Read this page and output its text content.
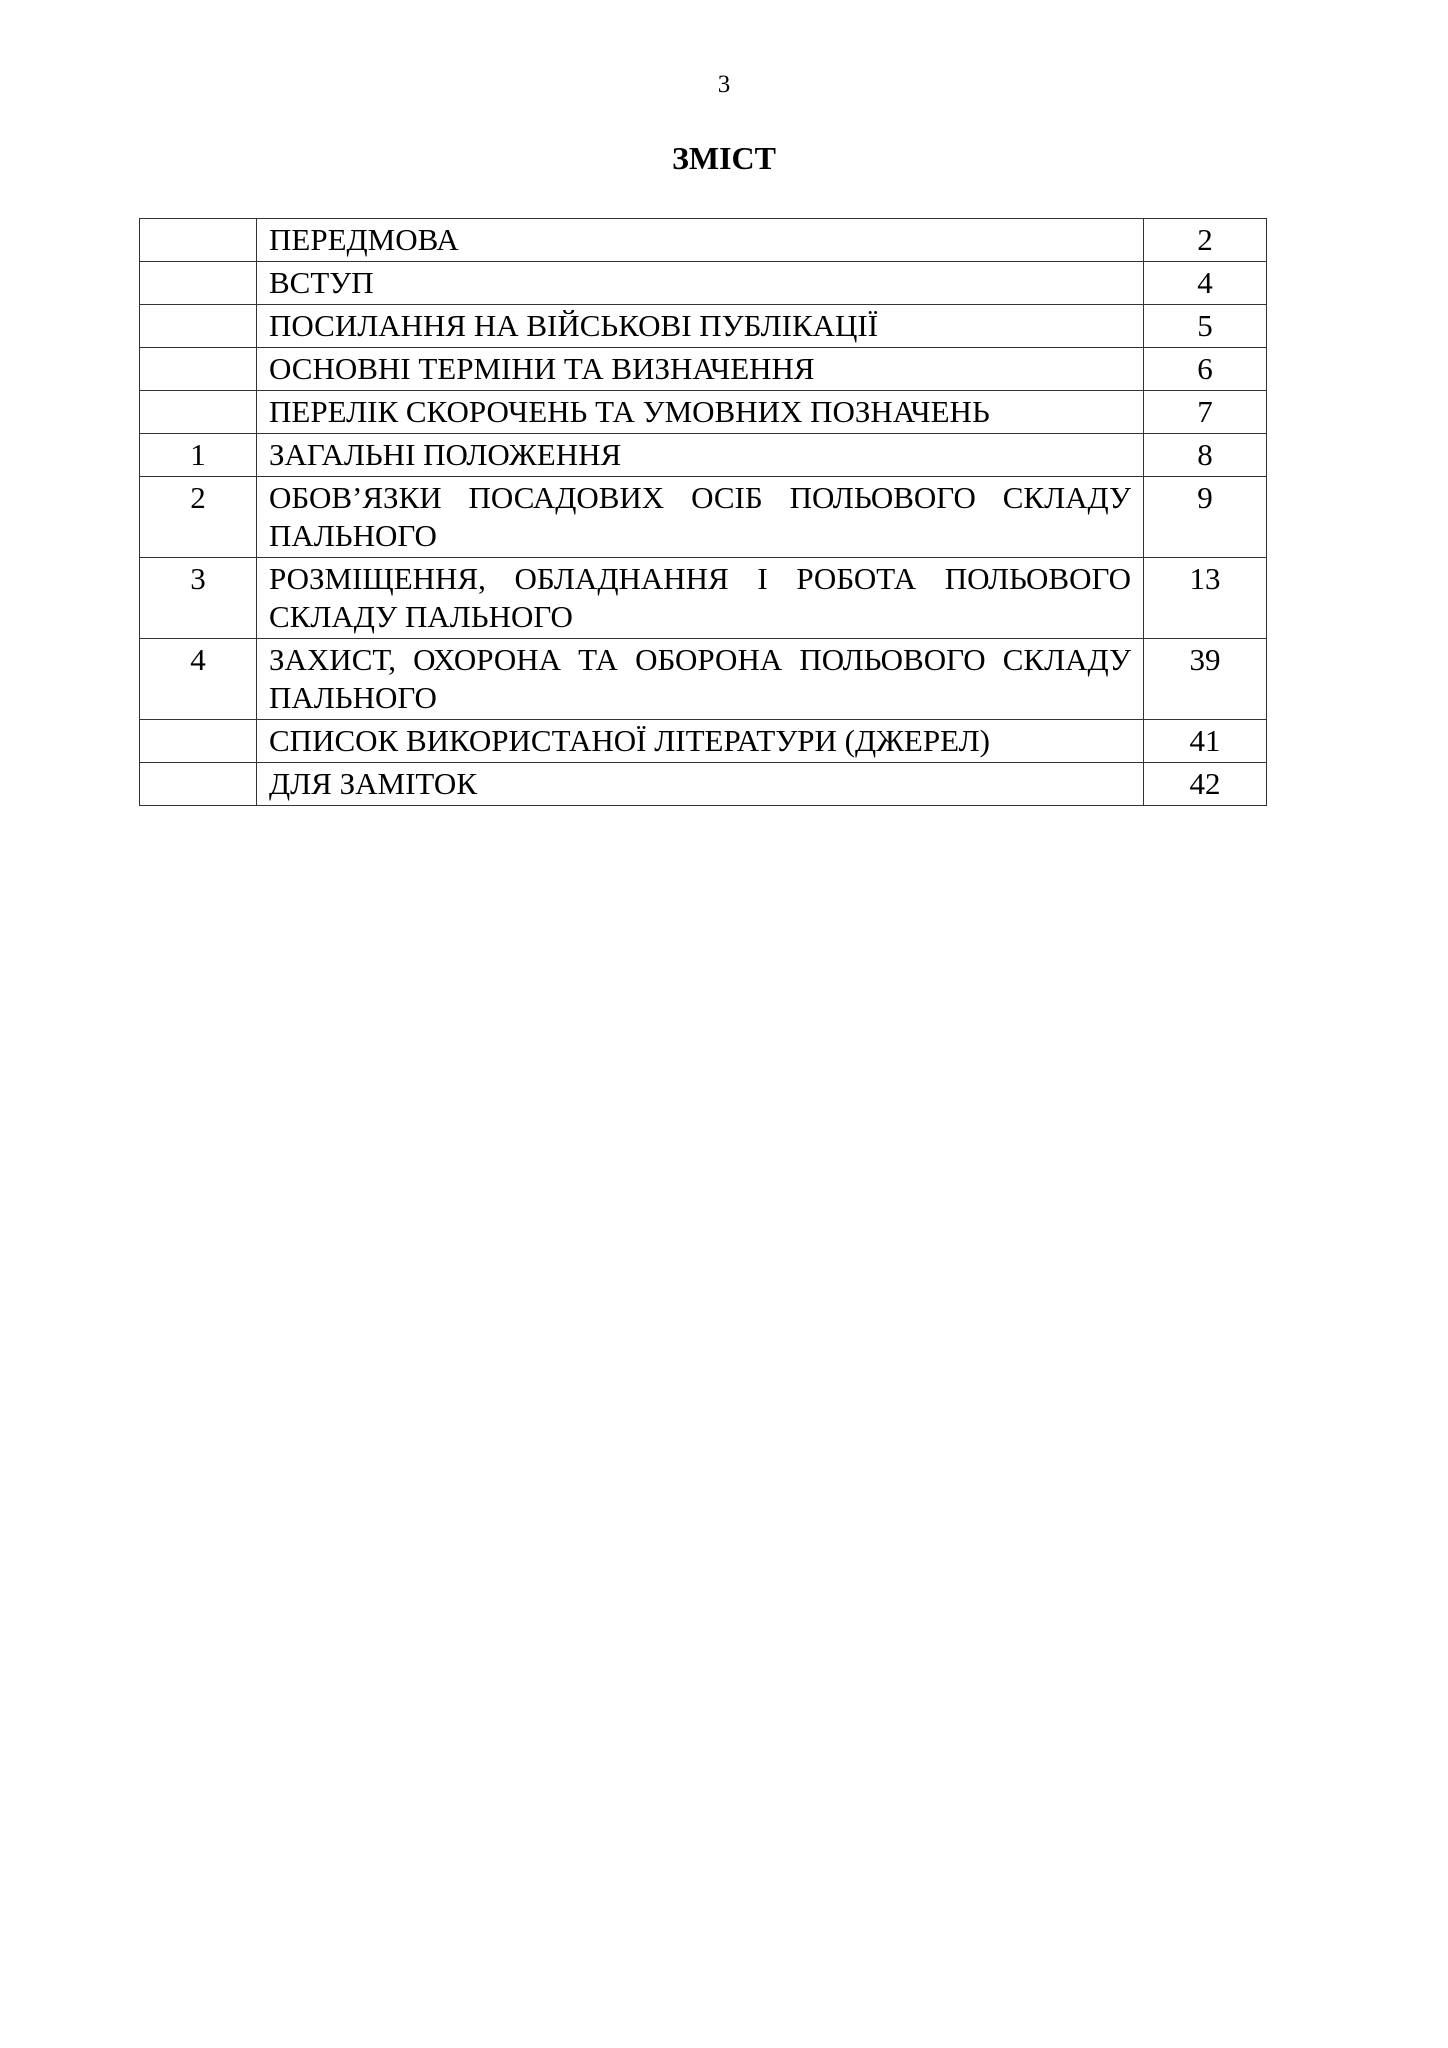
3
ЗМІСТ
	ПЕРЕДМОВА	2
	ВСТУП	4
	ПОСИЛАННЯ НА ВІЙСЬКОВІ ПУБЛІКАЦІЇ	5
	ОСНОВНІ ТЕРМІНИ ТА ВИЗНАЧЕННЯ	6
	ПЕРЕЛІК СКОРОЧЕНЬ ТА УМОВНИХ ПОЗНАЧЕНЬ	7
1	ЗАГАЛЬНІ ПОЛОЖЕННЯ	8
2	ОБОВ’ЯЗКИ ПОСАДОВИХ ОСІБ ПОЛЬОВОГО СКЛАДУ ПАЛЬНОГО	9
3	РОЗМІЩЕННЯ, ОБЛАДНАННЯ І РОБОТА ПОЛЬОВОГО СКЛАДУ ПАЛЬНОГО	13
4	ЗАХИСТ, ОХОРОНА ТА ОБОРОНА ПОЛЬОВОГО СКЛАДУ ПАЛЬНОГО	39
	СПИСОК ВИКОРИСТАНОЇ ЛІТЕРАТУРИ (ДЖЕРЕЛ)	41
	ДЛЯ ЗАМІТОК	42
